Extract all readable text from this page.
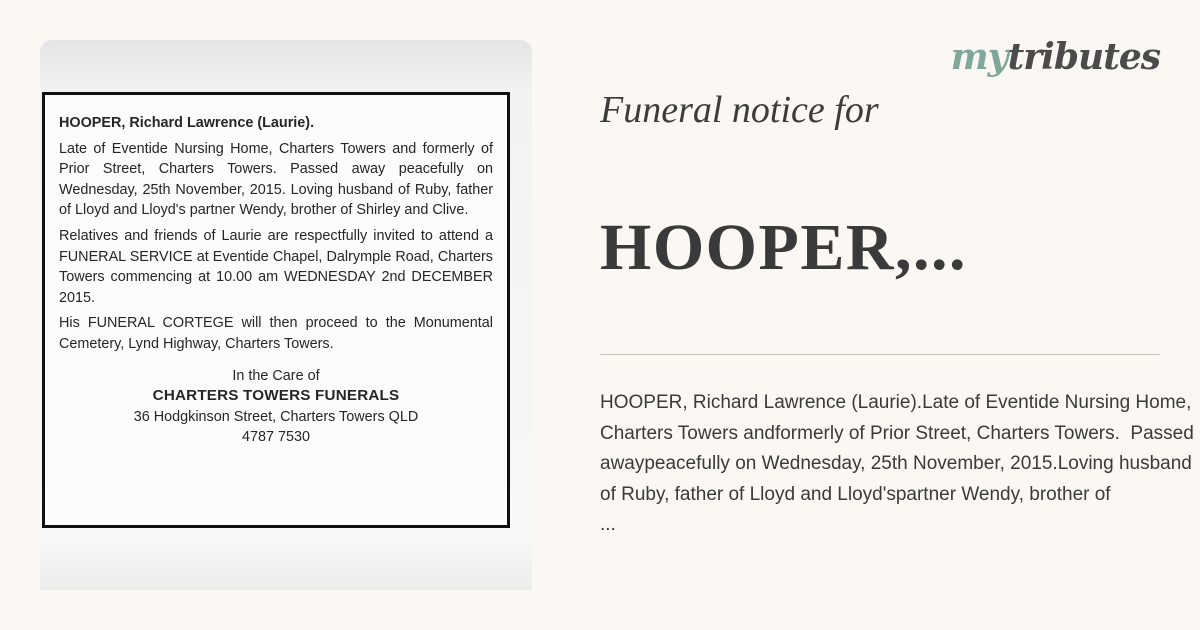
HOOPER, Richard Lawrence (Laurie).

Late of Eventide Nursing Home, Charters Towers and formerly of Prior Street, Charters Towers. Passed away peacefully on Wednesday, 25th November, 2015. Loving husband of Ruby, father of Lloyd and Lloyd's partner Wendy, brother of Shirley and Clive.

Relatives and friends of Laurie are respectfully invited to attend a FUNERAL SERVICE at Eventide Chapel, Dalrymple Road, Charters Towers commencing at 10.00 am WEDNESDAY 2nd DECEMBER 2015.

His FUNERAL CORTEGE will then proceed to the Monumental Cemetery, Lynd Highway, Charters Towers.

In the Care of
CHARTERS TOWERS FUNERALS
36 Hodgkinson Street, Charters Towers QLD
4787 7530
mytributes
Funeral notice for
HOOPER,...
HOOPER, Richard Lawrence (Laurie).Late of Eventide Nursing Home, Charters Towers andformerly of Prior Street, Charters Towers.  Passed awaypeacefully on Wednesday, 25th November, 2015.Loving husband of Ruby, father of Lloyd and Lloyd'spartner Wendy, brother of
...
